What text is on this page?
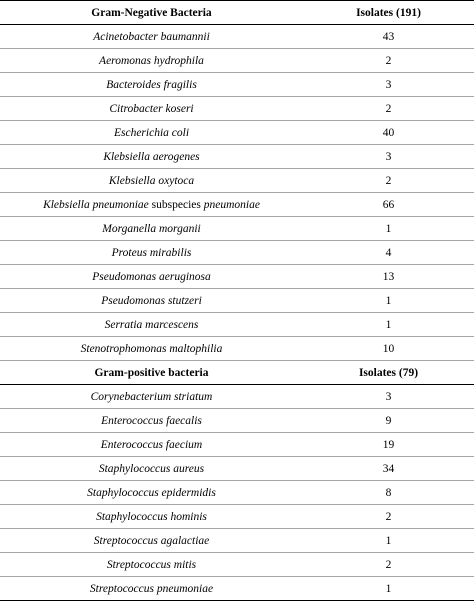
Gram-Negative Bacteria	Isolates (191)
Acinetobacter baumannii	43
Aeromonas hydrophila	2
Bacteroides fragilis	3
Citrobacter koseri	2
Escherichia coli	40
Klebsiella aerogenes	3
Klebsiella oxytoca	2
Klebsiella pneumoniae subspecies pneumoniae	66
Morganella morganii	1
Proteus mirabilis	4
Pseudomonas aeruginosa	13
Pseudomonas stutzeri	1
Serratia marcescens	1
Stenotrophomonas maltophilia	10
Gram-positive bacteria	Isolates (79)
Corynebacterium striatum	3
Enterococcus faecalis	9
Enterococcus faecium	19
Staphylococcus aureus	34
Staphylococcus epidermidis	8
Staphylococcus hominis	2
Streptococcus agalactiae	1
Streptococcus mitis	2
Streptococcus pneumoniae	1
